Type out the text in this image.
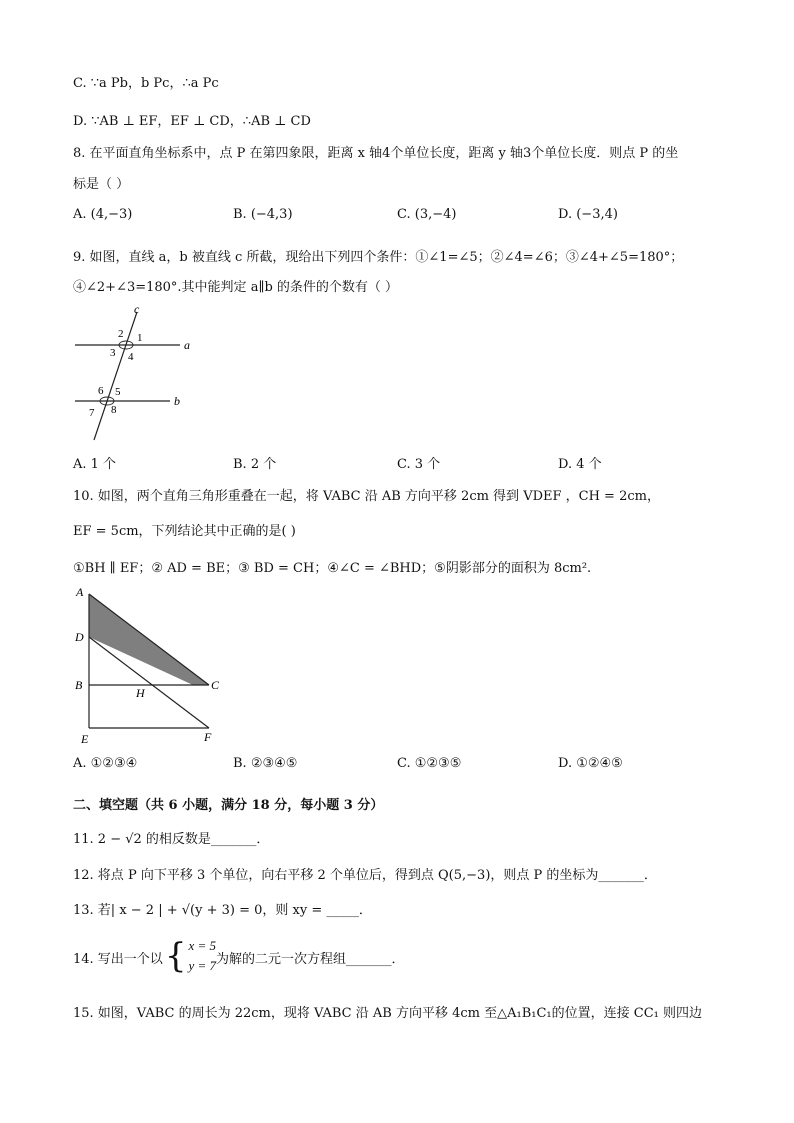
C. ∵a Pb，b Pc，∴a Pc
D. ∵AB ⊥ EF，EF ⊥ CD，∴AB ⊥ CD
8. 在平面直角坐标系中，点 P 在第四象限，距离 x 轴4个单位长度，距离 y 轴3个单位长度．则点 P 的坐
标是（ ）
A. (4,−3)	B. (−4,3)	C. (3,−4)	D. (−3,4)
9. 如图，直线 a，b 被直线 c 所截，现给出下列四个条件：①∠1=∠5；②∠4=∠6；③∠4+∠5=180°；
④∠2+∠3=180°.其中能判定 a∥b 的条件的个数有（ ）
c
a
b
1
2
3 4
5
6
7 8
A. 1 个	B. 2 个	C. 3 个	D. 4 个
10. 如图，两个直角三角形重叠在一起，将 VABC 沿 AB 方向平移 2cm 得到 VDEF ，CH = 2cm，
EF = 5cm，下列结论其中正确的是( )
①BH ∥ EF；② AD = BE；③ BD = CH；④∠C = ∠BHD；⑤阴影部分的面积为 8cm².
A
D
B
H
C
E	F
A. ①②③④	B. ②③④⑤	C. ①②③⑤	D. ①②④⑤
二、填空题（共 6 小题，满分 18 分，每小题 3 分）
11. 2 − √2 的相反数是_______．
12. 将点 P 向下平移 3 个单位，向右平移 2 个单位后，得到点 Q(5,−3)，则点 P 的坐标为_______．
13. 若| x − 2 | + √(y + 3) = 0，则 xy = _____．
14. 写出一个以 { x = 5
y = 7 为解的二元一次方程组_______．
15. 如图，VABC 的周长为 22cm，现将 VABC 沿 AB 方向平移 4cm 至△A₁B₁C₁的位置，连接 CC₁ 则四边
